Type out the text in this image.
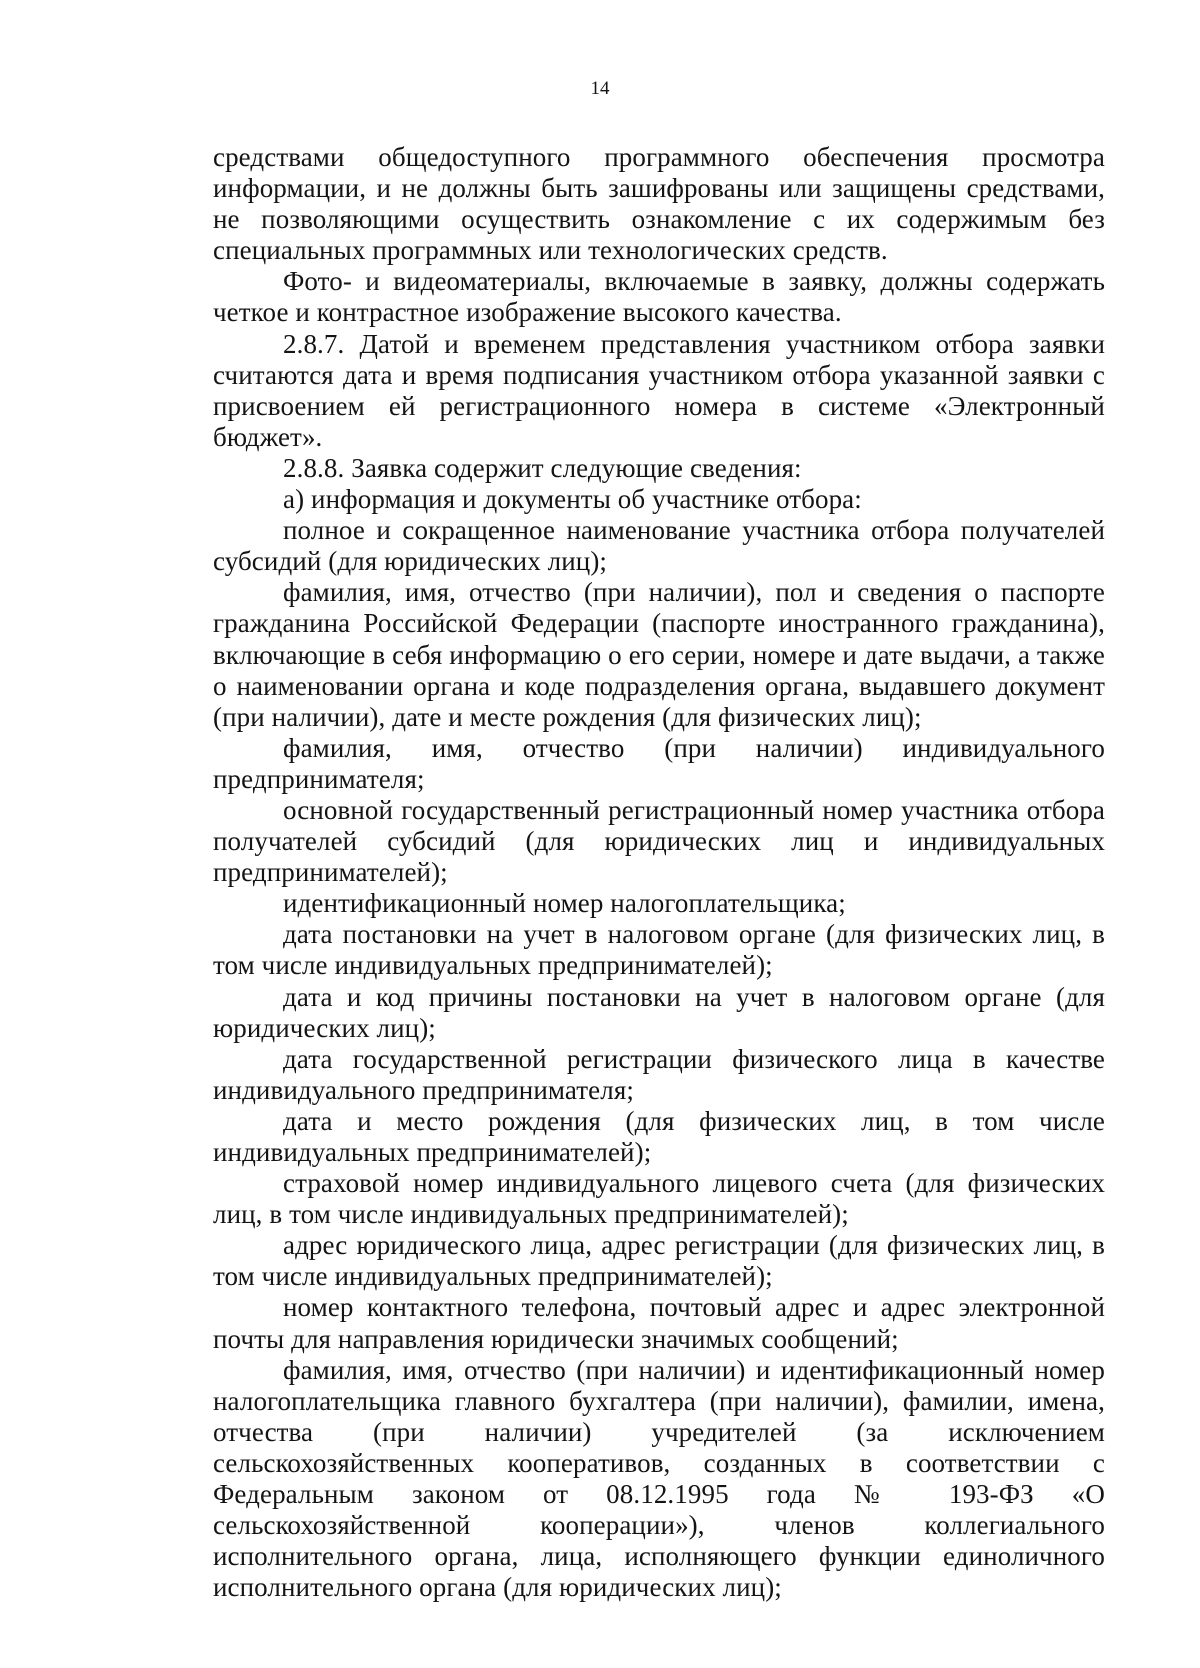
14

средствами общедоступного программного обеспечения просмотра информации, и не должны быть зашифрованы или защищены средствами, не позволяющими осуществить ознакомление с их содержимым без специальных программных или технологических средств.

Фото- и видеоматериалы, включаемые в заявку, должны содержать четкое и контрастное изображение высокого качества.

2.8.7. Датой и временем представления участником отбора заявки считаются дата и время подписания участником отбора указанной заявки с присвоением ей регистрационного номера в системе «Электронный бюджет».

2.8.8. Заявка содержит следующие сведения:

а) информация и документы об участнике отбора:

полное и сокращенное наименование участника отбора получателей субсидий (для юридических лиц);

фамилия, имя, отчество (при наличии), пол и сведения о паспорте гражданина Российской Федерации (паспорте иностранного гражданина), включающие в себя информацию о его серии, номере и дате выдачи, а также о наименовании органа и коде подразделения органа, выдавшего документ (при наличии), дате и месте рождения (для физических лиц);

фамилия, имя, отчество (при наличии) индивидуального предпринимателя;

основной государственный регистрационный номер участника отбора получателей субсидий (для юридических лиц и индивидуальных предпринимателей);

идентификационный номер налогоплательщика;

дата постановки на учет в налоговом органе (для физических лиц, в том числе индивидуальных предпринимателей);

дата и код причины постановки на учет в налоговом органе (для юридических лиц);

дата государственной регистрации физического лица в качестве индивидуального предпринимателя;

дата и место рождения (для физических лиц, в том числе индивидуальных предпринимателей);

страховой номер индивидуального лицевого счета (для физических лиц, в том числе индивидуальных предпринимателей);

адрес юридического лица, адрес регистрации (для физических лиц, в том числе индивидуальных предпринимателей);

номер контактного телефона, почтовый адрес и адрес электронной почты для направления юридически значимых сообщений;

фамилия, имя, отчество (при наличии) и идентификационный номер налогоплательщика главного бухгалтера (при наличии), фамилии, имена, отчества (при наличии) учредителей (за исключением сельскохозяйственных кооперативов, созданных в соответствии с Федеральным законом от 08.12.1995 года № 193-ФЗ «О сельскохозяйственной кооперации»), членов коллегиального исполнительного органа, лица, исполняющего функции единоличного исполнительного органа (для юридических лиц);
